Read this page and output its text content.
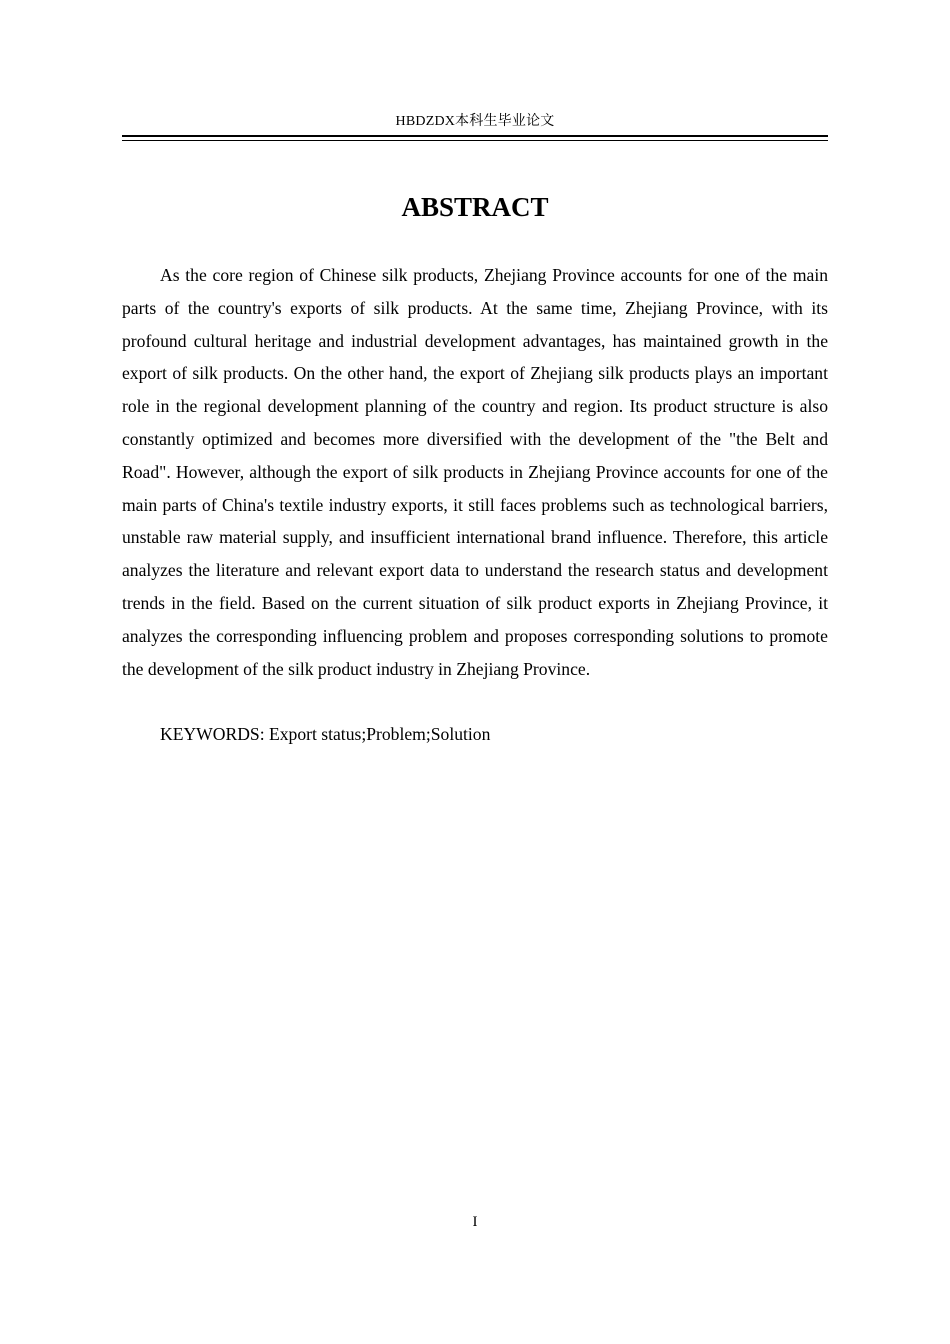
HBDZDX本科生毕业论文
ABSTRACT

As the core region of Chinese silk products, Zhejiang Province accounts for one of the main parts of the country's exports of silk products. At the same time, Zhejiang Province, with its profound cultural heritage and industrial development advantages, has maintained growth in the export of silk products. On the other hand, the export of Zhejiang silk products plays an important role in the regional development planning of the country and region. Its product structure is also constantly optimized and becomes more diversified with the development of the "the Belt and Road". However, although the export of silk products in Zhejiang Province accounts for one of the main parts of China's textile industry exports, it still faces problems such as technological barriers, unstable raw material supply, and insufficient international brand influence. Therefore, this article analyzes the literature and relevant export data to understand the research status and development trends in the field. Based on the current situation of silk product exports in Zhejiang Province, it analyzes the corresponding influencing problem and proposes corresponding solutions to promote the development of the silk product industry in Zhejiang Province.

KEYWORDS: Export status;Problem;Solution

I
